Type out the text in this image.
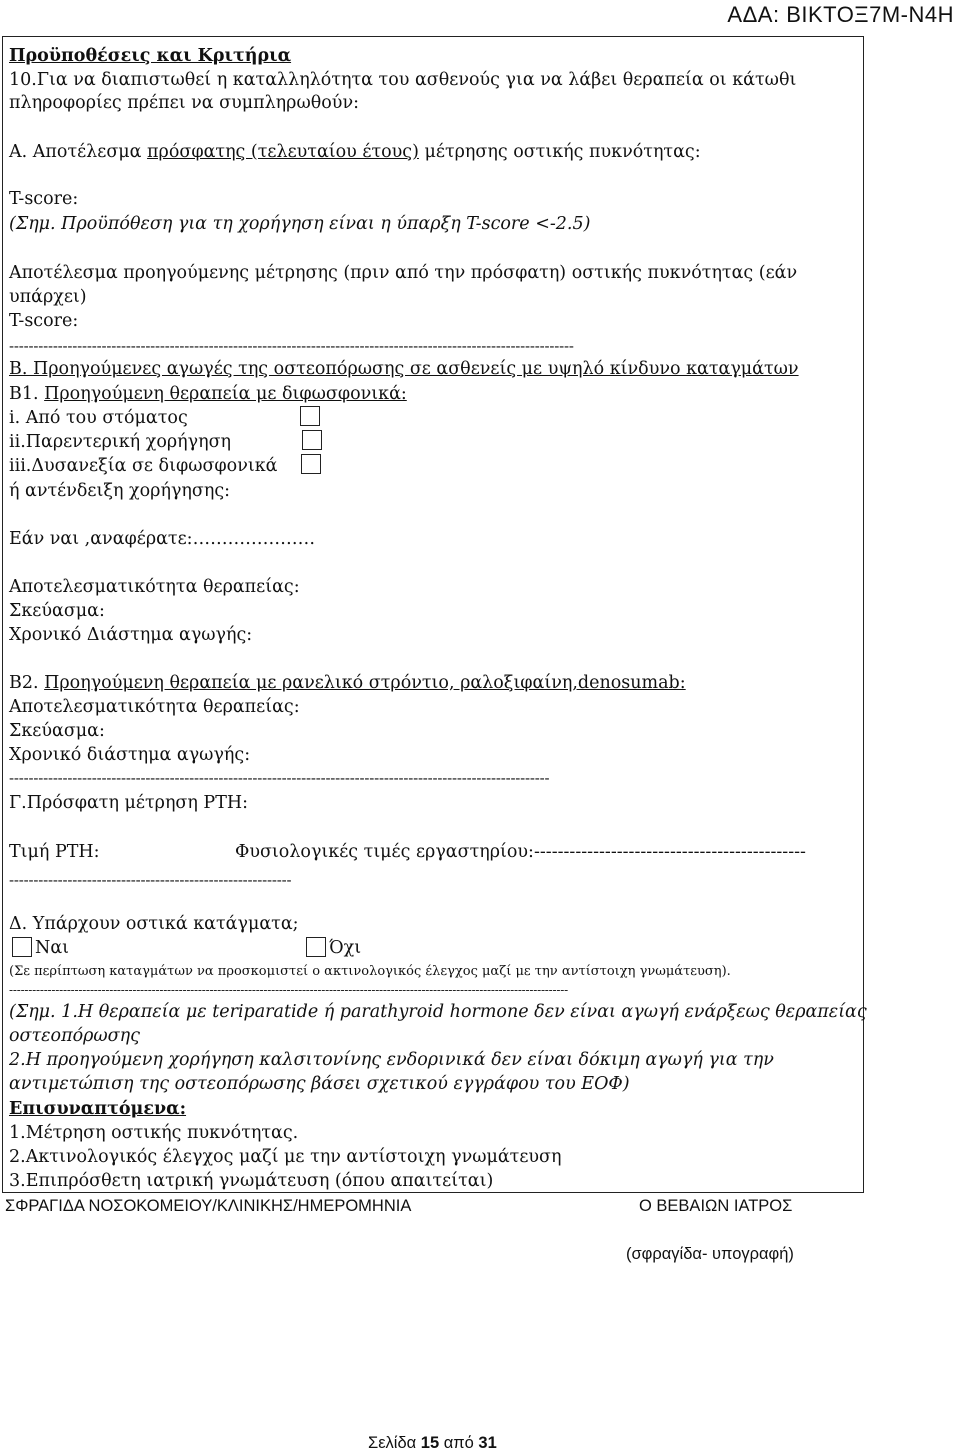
ΑΔΑ: ΒΙΚΤΟΞ7Μ-Ν4Η
Προϋποθέσεις και Κριτήρια
10.Για να διαπιστωθεί η καταλληλότητα του ασθενούς για να λάβει θεραπεία οι κάτωθι
πληροφορίες πρέπει να συμπληρωθούν:
Α. Αποτέλεσμα πρόσφατης (τελευταίου έτους) μέτρησης οστικής πυκνότητας:
T-score:
(Σημ. Προϋπόθεση για τη χορήγηση είναι η ύπαρξη T-score <-2.5)
Αποτέλεσμα προηγούμενης μέτρησης (πριν από την πρόσφατη) οστικής πυκνότητας (εάν
υπάρχει)
T-score:
--------------------------------------------------------------------------------------------------------------------
Β. Προηγούμενες αγωγές της οστεοπόρωσης σε ασθενείς με υψηλό κίνδυνο καταγμάτων
Β1. Προηγούμενη θεραπεία με διφωσφονικά:
i. Από του στόματος
ii.Παρεντερική χορήγηση
iii.Δυσανεξία σε διφωσφονικά
ή αντένδειξη χορήγησης:
Εάν ναι ,αναφέρατε:…………………
Αποτελεσματικότητα θεραπείας:
Σκεύασμα:
Χρονικό Διάστημα αγωγής:
Β2. Προηγούμενη θεραπεία με ρανελικό στρόντιο, ραλοξιφαίνη,denosumab:
Αποτελεσματικότητα θεραπείας:
Σκεύασμα:
Χρονικό διάστημα αγωγής:
---------------------------------------------------------------------------------------------------------------
Γ.Πρόσφατη μέτρηση PTH:
Τιμή PTH:	Φυσιολογικές τιμές εργαστηρίου:----------------------------------------------
----------------------------------------------------------
Δ. Υπάρχουν οστικά κατάγματα;
Ναι	Όχι
(Σε περίπτωση καταγμάτων να προσκομιστεί ο ακτινολογικός έλεγχος μαζί με την αντίστοιχη γνωμάτευση).
-------------------------------------------------------------------------------------------------------------------------------------------------
(Σημ. 1.Η θεραπεία με teriparatide ή parathyroid hormone δεν είναι αγωγή ενάρξεως θεραπείας
οστεοπόρωσης
2.Η προηγούμενη χορήγηση καλσιτονίνης ενδορινικά δεν είναι δόκιμη αγωγή για την
αντιμετώπιση της οστεοπόρωσης βάσει σχετικού εγγράφου του ΕΟΦ)
Επισυναπτόμενα:
1.Μέτρηση οστικής πυκνότητας.
2.Ακτινολογικός έλεγχος μαζί με την αντίστοιχη γνωμάτευση
3.Επιπρόσθετη ιατρική γνωμάτευση (όπου απαιτείται)
ΣΦΡΑΓΙΔΑ ΝΟΣΟΚΟΜΕΙΟΥ/ΚΛΙΝΙΚΗΣ/ΗΜΕΡΟΜΗΝΙΑ	Ο ΒΕΒΑΙΩΝ ΙΑΤΡΟΣ
(σφραγίδα- υπογραφή)
Σελίδα 15 από 31
